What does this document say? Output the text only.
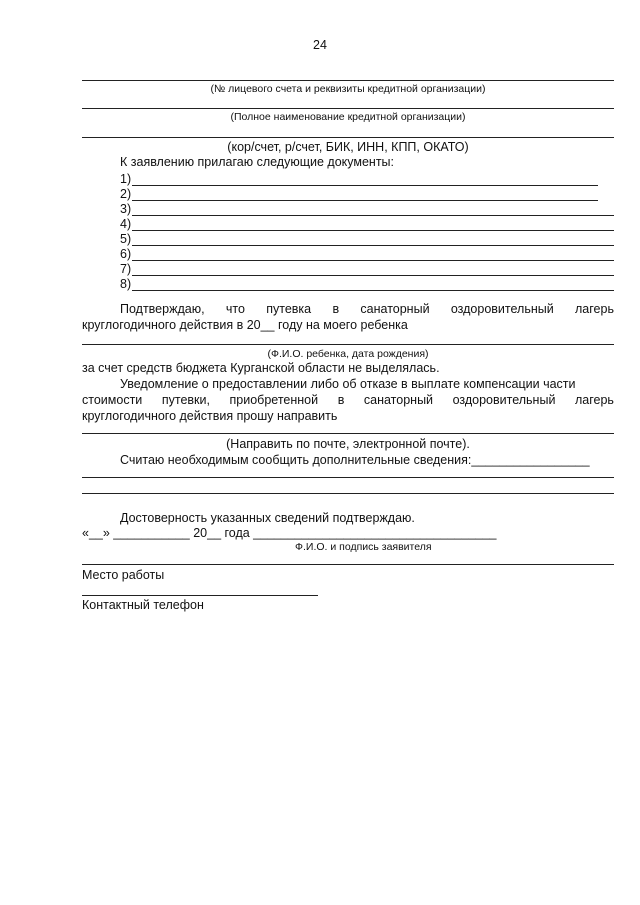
24
(№ лицевого счета и реквизиты кредитной организации)
(Полное наименование кредитной организации)
(кор/счет, р/счет, БИК, ИНН, КПП, ОКАТО)
К заявлению прилагаю следующие документы:
1)
2)
3)
4)
5)
6)
7)
8)
Подтверждаю, что путевка в санаторный оздоровительный лагерь
круглогодичного действия в 20__ году на моего ребенка
(Ф.И.О. ребенка, дата рождения)
за счет средств бюджета Курганской области не выделялась.
Уведомление о предоставлении либо об отказе в выплате компенсации части
стоимости путевки, приобретенной в санаторный оздоровительный лагерь
круглогодичного действия прошу направить
(Направить по почте, электронной почте).
Считаю необходимым сообщить дополнительные сведения:_________________
Достоверность указанных сведений подтверждаю.
«__» ___________ 20__ года ___________________________________
Ф.И.О. и подпись заявителя
Место работы
Контактный телефон
